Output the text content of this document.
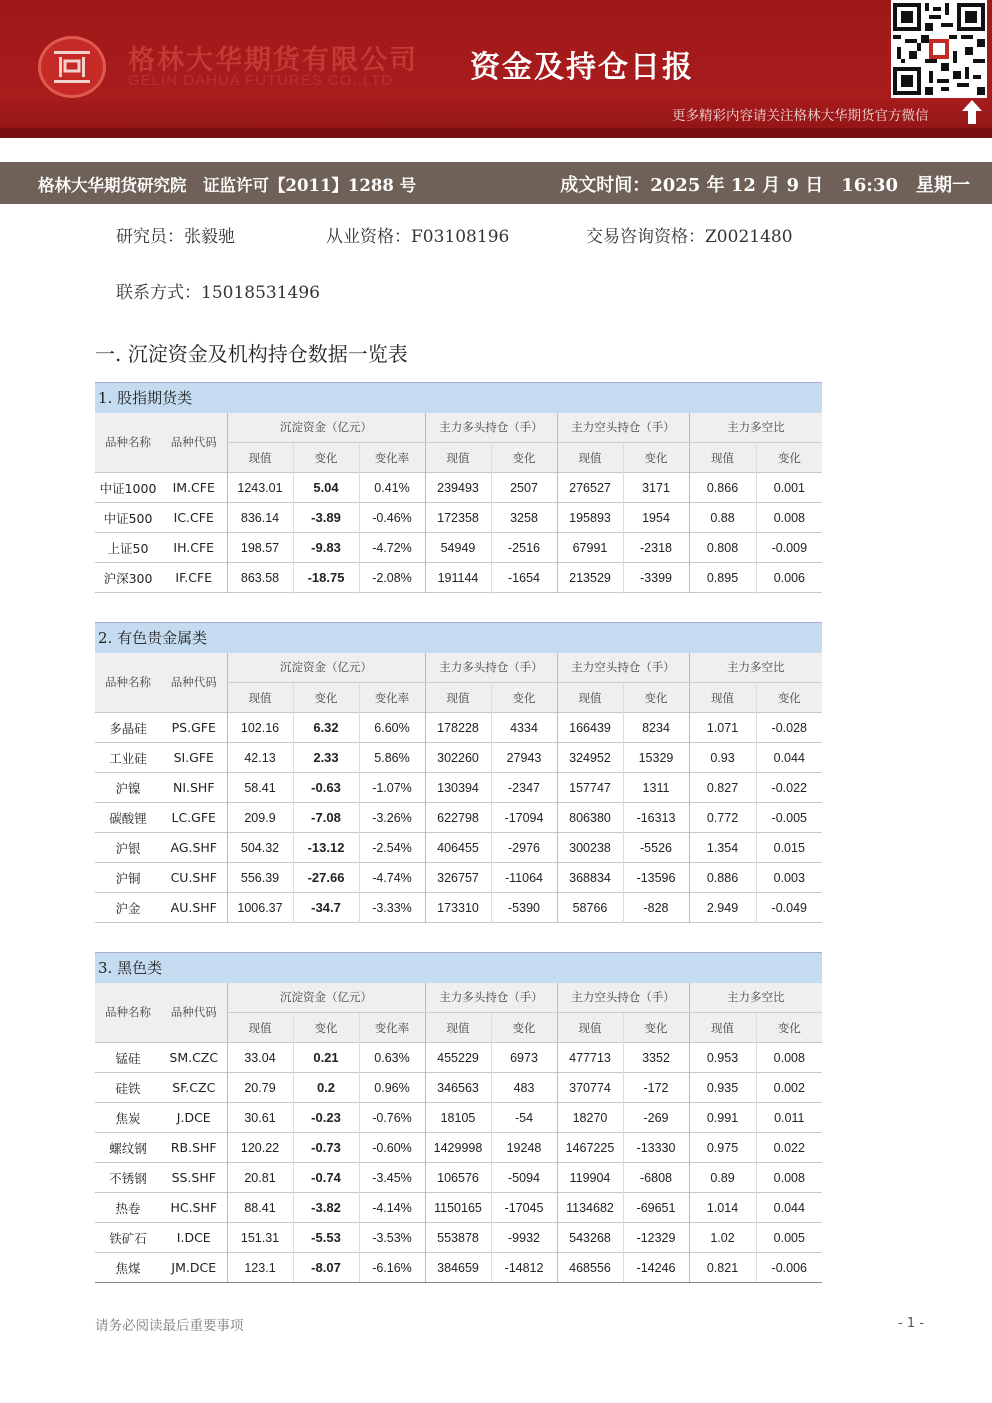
格林大华期货有限公司
GELIN DAHUA FUTURES CO.,LTD	资金及持仓日报
更多精彩内容请关注格林大华期货官方微信
格林大华期货研究院　证监许可【2011】1288 号	成文时间：2025 年 12 月 9 日　16:30　星期一
研究员：张毅驰	从业资格：F03108196	交易咨询资格：Z0021480
联系方式：15018531496
一. 沉淀资金及机构持仓数据一览表
1. 股指期货类										
品种名称	品种代码	沉淀资金（亿元）			主力多头持仓（手）		主力空头持仓（手）		主力多空比	
		现值	变化	变化率	现值	变化	现值	变化	现值	变化
中证1000	IM.CFE	1243.01	5.04	0.41%	239493	2507	276527	3171	0.866	0.001
中证500	IC.CFE	836.14	-3.89	-0.46%	172358	3258	195893	1954	0.88	0.008
上证50	IH.CFE	198.57	-9.83	-4.72%	54949	-2516	67991	-2318	0.808	-0.009
沪深300	IF.CFE	863.58	-18.75	-2.08%	191144	-1654	213529	-3399	0.895	0.006

2. 有色贵金属类										
品种名称	品种代码	沉淀资金（亿元）			主力多头持仓（手）		主力空头持仓（手）		主力多空比	
		现值	变化	变化率	现值	变化	现值	变化	现值	变化
多晶硅	PS.GFE	102.16	6.32	6.60%	178228	4334	166439	8234	1.071	-0.028
工业硅	SI.GFE	42.13	2.33	5.86%	302260	27943	324952	15329	0.93	0.044
沪镍	NI.SHF	58.41	-0.63	-1.07%	130394	-2347	157747	1311	0.827	-0.022
碳酸锂	LC.GFE	209.9	-7.08	-3.26%	622798	-17094	806380	-16313	0.772	-0.005
沪银	AG.SHF	504.32	-13.12	-2.54%	406455	-2976	300238	-5526	1.354	0.015
沪铜	CU.SHF	556.39	-27.66	-4.74%	326757	-11064	368834	-13596	0.886	0.003
沪金	AU.SHF	1006.37	-34.7	-3.33%	173310	-5390	58766	-828	2.949	-0.049

3. 黑色类										
品种名称	品种代码	沉淀资金（亿元）			主力多头持仓（手）		主力空头持仓（手）		主力多空比	
		现值	变化	变化率	现值	变化	现值	变化	现值	变化
锰硅	SM.CZC	33.04	0.21	0.63%	455229	6973	477713	3352	0.953	0.008
硅铁	SF.CZC	20.79	0.2	0.96%	346563	483	370774	-172	0.935	0.002
焦炭	J.DCE	30.61	-0.23	-0.76%	18105	-54	18270	-269	0.991	0.011
螺纹钢	RB.SHF	120.22	-0.73	-0.60%	1429998	19248	1467225	-13330	0.975	0.022
不锈钢	SS.SHF	20.81	-0.74	-3.45%	106576	-5094	119904	-6808	0.89	0.008
热卷	HC.SHF	88.41	-3.82	-4.14%	1150165	-17045	1134682	-69651	1.014	0.044
铁矿石	I.DCE	151.31	-5.53	-3.53%	553878	-9932	543268	-12329	1.02	0.005
焦煤	JM.DCE	123.1	-8.07	-6.16%	384659	-14812	468556	-14246	0.821	-0.006
请务必阅读最后重要事项	- 1 -
